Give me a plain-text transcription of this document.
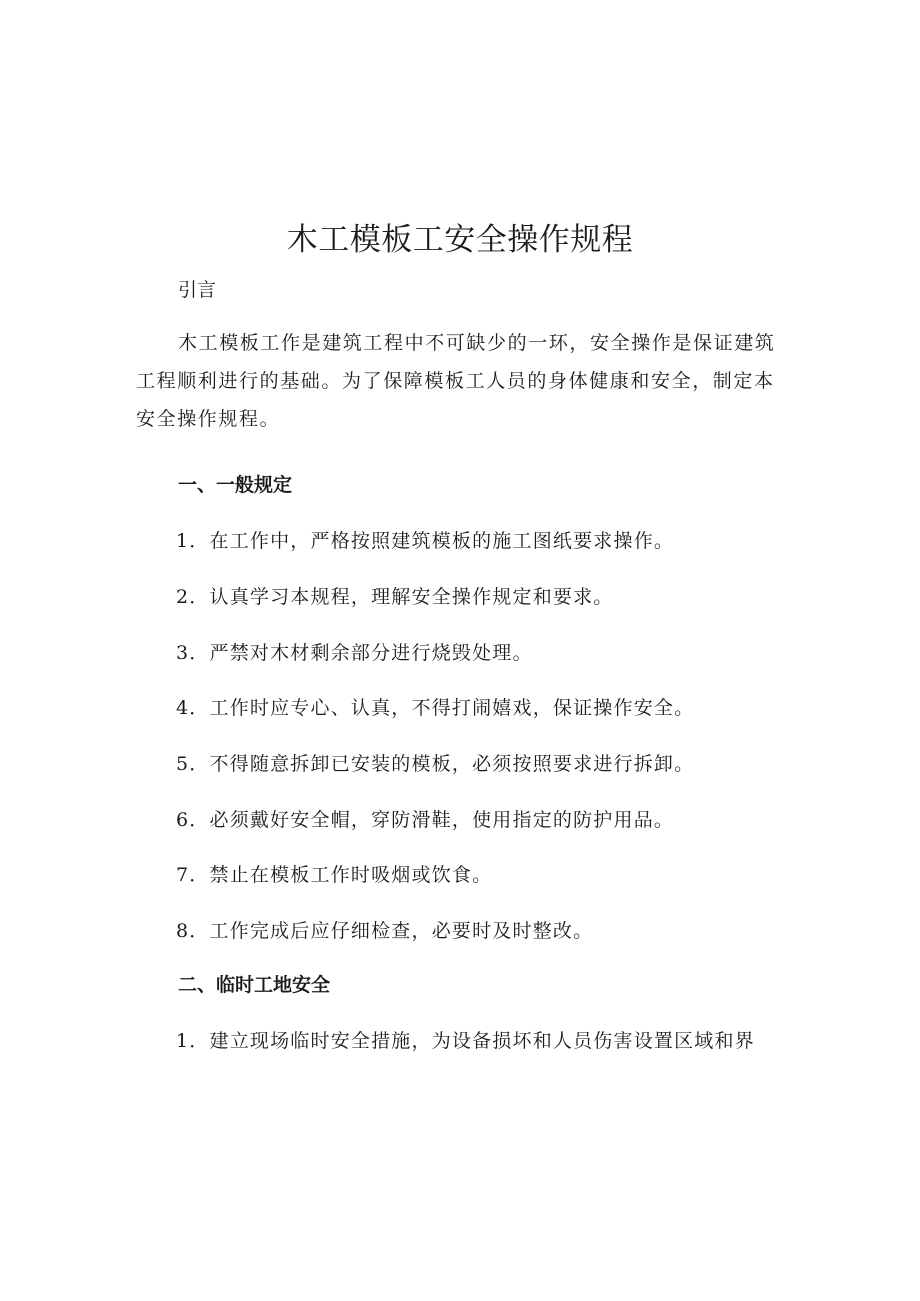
木工模板工安全操作规程

引言

木工模板工作是建筑工程中不可缺少的一环，安全操作是保证建筑工程顺利进行的基础。为了保障模板工人员的身体健康和安全，制定本安全操作规程。

一、一般规定

1．在工作中，严格按照建筑模板的施工图纸要求操作。

2．认真学习本规程，理解安全操作规定和要求。

3．严禁对木材剩余部分进行烧毁处理。

4．工作时应专心、认真，不得打闹嬉戏，保证操作安全。

5．不得随意拆卸已安装的模板，必须按照要求进行拆卸。

6．必须戴好安全帽，穿防滑鞋，使用指定的防护用品。

7．禁止在模板工作时吸烟或饮食。

8．工作完成后应仔细检查，必要时及时整改。

二、临时工地安全

1．建立现场临时安全措施，为设备损坏和人员伤害设置区域和界
